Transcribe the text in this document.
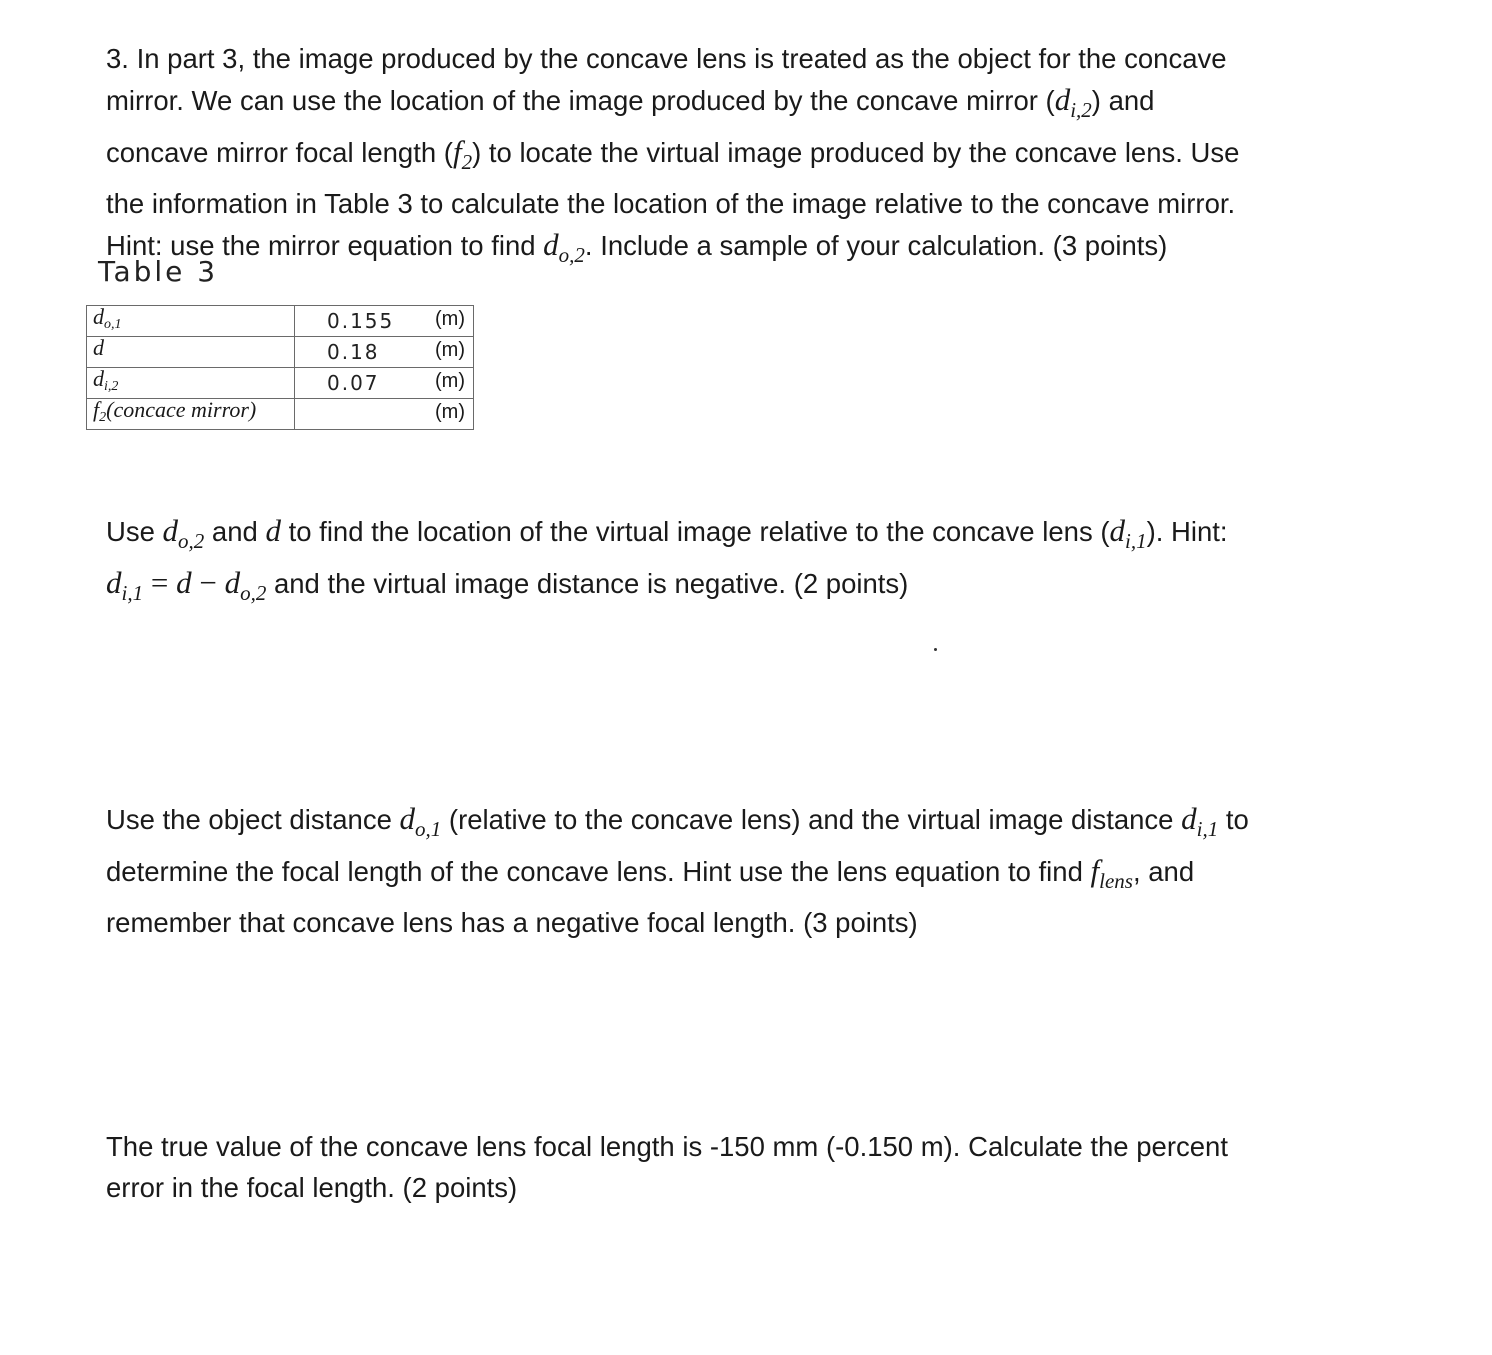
3. In part 3, the image produced by the concave lens is treated as the object for the concave
mirror. We can use the location of the image produced by the concave mirror $(d_{i,2})$ and
concave mirror focal length $(f_2)$ to locate the virtual image produced by the concave lens. Use
the information in Table 3 to calculate the location of the image relative to the concave mirror.
Hint: use the mirror equation to find $d_{o,2}$. Include a sample of your calculation. (3 points)
Table 3
do,1	0.155 (m)

d	0.18 (m)

di,2	0.07 (m)

f2(concace mirror)	(m)
Use $d_{o,2}$ and d to find the location of the virtual image relative to the concave lens $(d_{i,1})$. Hint:
$d_{i,1} = d - d_{o,2}$ and the virtual image distance is negative. (2 points)
Use the object distance $d_{o,1}$ (relative to the concave lens) and the virtual image distance $d_{i,1}$ to
determine the focal length of the concave lens. Hint use the lens equation to find $f_{lens}$, and
remember that concave lens has a negative focal length. (3 points)
The true value of the concave lens focal length is -150 mm (-0.150 m). Calculate the percent
error in the focal length. (2 points)
